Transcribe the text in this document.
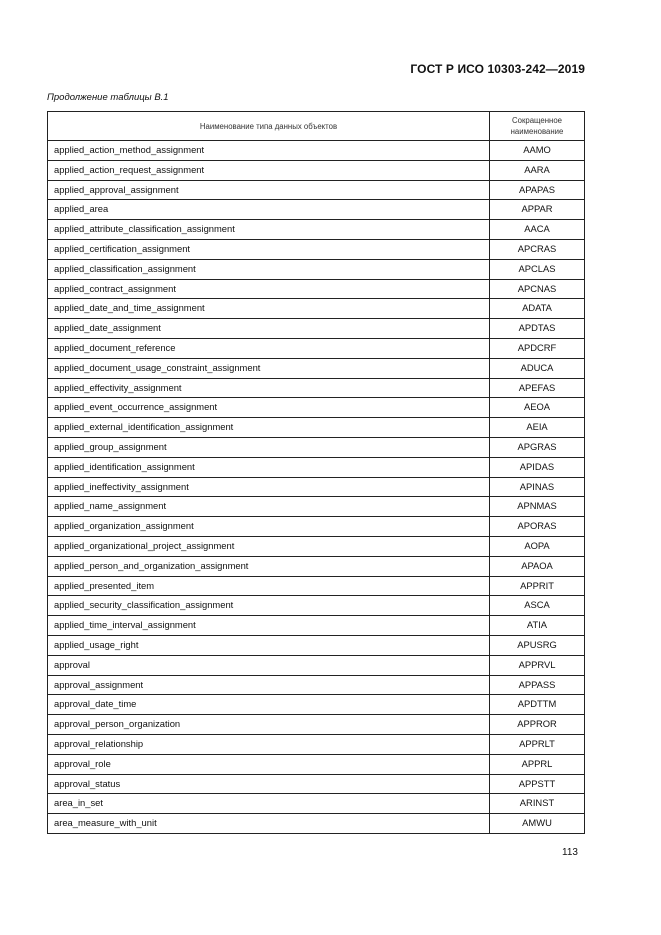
ГОСТ Р ИСО 10303-242—2019
Продолжение таблицы В.1
Наименование типа данных объектов	Сокращенное наименование
applied_action_method_assignment	AAMO
applied_action_request_assignment	AARA
applied_approval_assignment	APAPAS
applied_area	APPAR
applied_attribute_classification_assignment	AACA
applied_certification_assignment	APCRAS
applied_classification_assignment	APCLAS
applied_contract_assignment	APCNAS
applied_date_and_time_assignment	ADATA
applied_date_assignment	APDTAS
applied_document_reference	APDCRF
applied_document_usage_constraint_assignment	ADUCA
applied_effectivity_assignment	APEFAS
applied_event_occurrence_assignment	AEOA
applied_external_identification_assignment	AEIA
applied_group_assignment	APGRAS
applied_identification_assignment	APIDAS
applied_ineffectivity_assignment	APINAS
applied_name_assignment	APNMAS
applied_organization_assignment	APORAS
applied_organizational_project_assignment	AOPA
applied_person_and_organization_assignment	APAOA
applied_presented_item	APPRIT
applied_security_classification_assignment	ASCA
applied_time_interval_assignment	ATIA
applied_usage_right	APUSRG
approval	APPRVL
approval_assignment	APPASS
approval_date_time	APDTTM
approval_person_organization	APPROR
approval_relationship	APPRLT
approval_role	APPRL
approval_status	APPSTT
area_in_set	ARINST
area_measure_with_unit	AMWU
113
